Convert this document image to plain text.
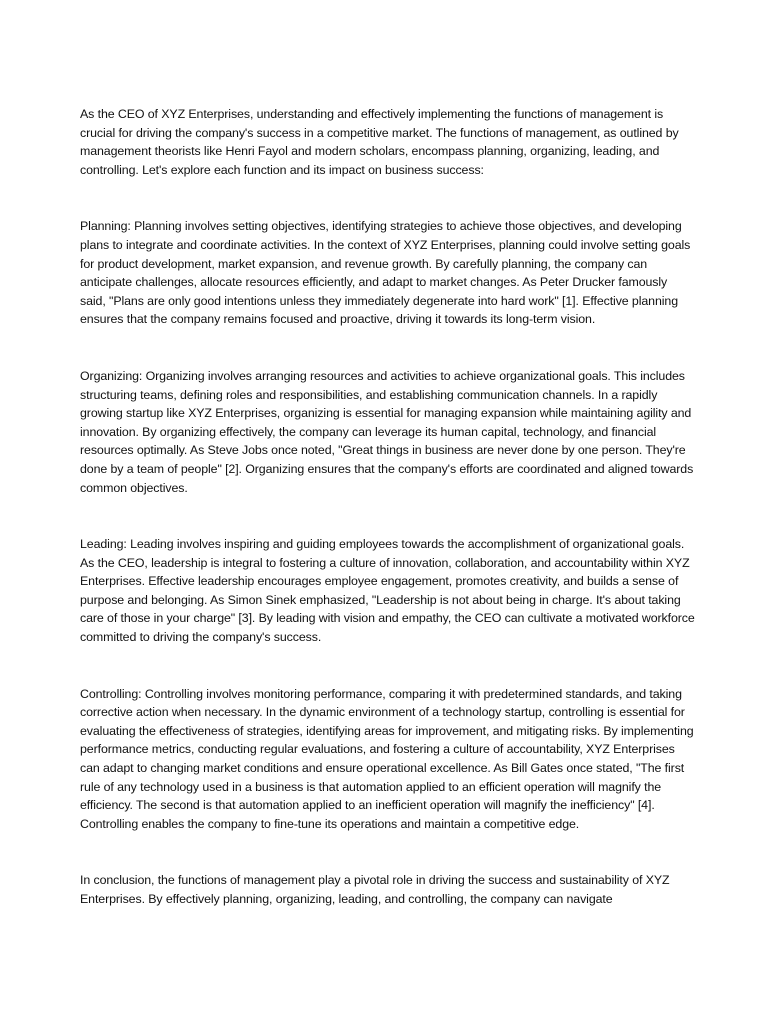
As the CEO of XYZ Enterprises, understanding and effectively implementing the functions of management is crucial for driving the company's success in a competitive market. The functions of management, as outlined by management theorists like Henri Fayol and modern scholars, encompass planning, organizing, leading, and controlling. Let's explore each function and its impact on business success:

Planning: Planning involves setting objectives, identifying strategies to achieve those objectives, and developing plans to integrate and coordinate activities. In the context of XYZ Enterprises, planning could involve setting goals for product development, market expansion, and revenue growth. By carefully planning, the company can anticipate challenges, allocate resources efficiently, and adapt to market changes. As Peter Drucker famously said, "Plans are only good intentions unless they immediately degenerate into hard work" [1]. Effective planning ensures that the company remains focused and proactive, driving it towards its long-term vision.

Organizing: Organizing involves arranging resources and activities to achieve organizational goals. This includes structuring teams, defining roles and responsibilities, and establishing communication channels. In a rapidly growing startup like XYZ Enterprises, organizing is essential for managing expansion while maintaining agility and innovation. By organizing effectively, the company can leverage its human capital, technology, and financial resources optimally. As Steve Jobs once noted, "Great things in business are never done by one person. They're done by a team of people" [2]. Organizing ensures that the company's efforts are coordinated and aligned towards common objectives.

Leading: Leading involves inspiring and guiding employees towards the accomplishment of organizational goals. As the CEO, leadership is integral to fostering a culture of innovation, collaboration, and accountability within XYZ Enterprises. Effective leadership encourages employee engagement, promotes creativity, and builds a sense of purpose and belonging. As Simon Sinek emphasized, "Leadership is not about being in charge. It's about taking care of those in your charge" [3]. By leading with vision and empathy, the CEO can cultivate a motivated workforce committed to driving the company's success.

Controlling: Controlling involves monitoring performance, comparing it with predetermined standards, and taking corrective action when necessary. In the dynamic environment of a technology startup, controlling is essential for evaluating the effectiveness of strategies, identifying areas for improvement, and mitigating risks. By implementing performance metrics, conducting regular evaluations, and fostering a culture of accountability, XYZ Enterprises can adapt to changing market conditions and ensure operational excellence. As Bill Gates once stated, "The first rule of any technology used in a business is that automation applied to an efficient operation will magnify the efficiency. The second is that automation applied to an inefficient operation will magnify the inefficiency" [4]. Controlling enables the company to fine-tune its operations and maintain a competitive edge.

In conclusion, the functions of management play a pivotal role in driving the success and sustainability of XYZ Enterprises. By effectively planning, organizing, leading, and controlling, the company can navigate
